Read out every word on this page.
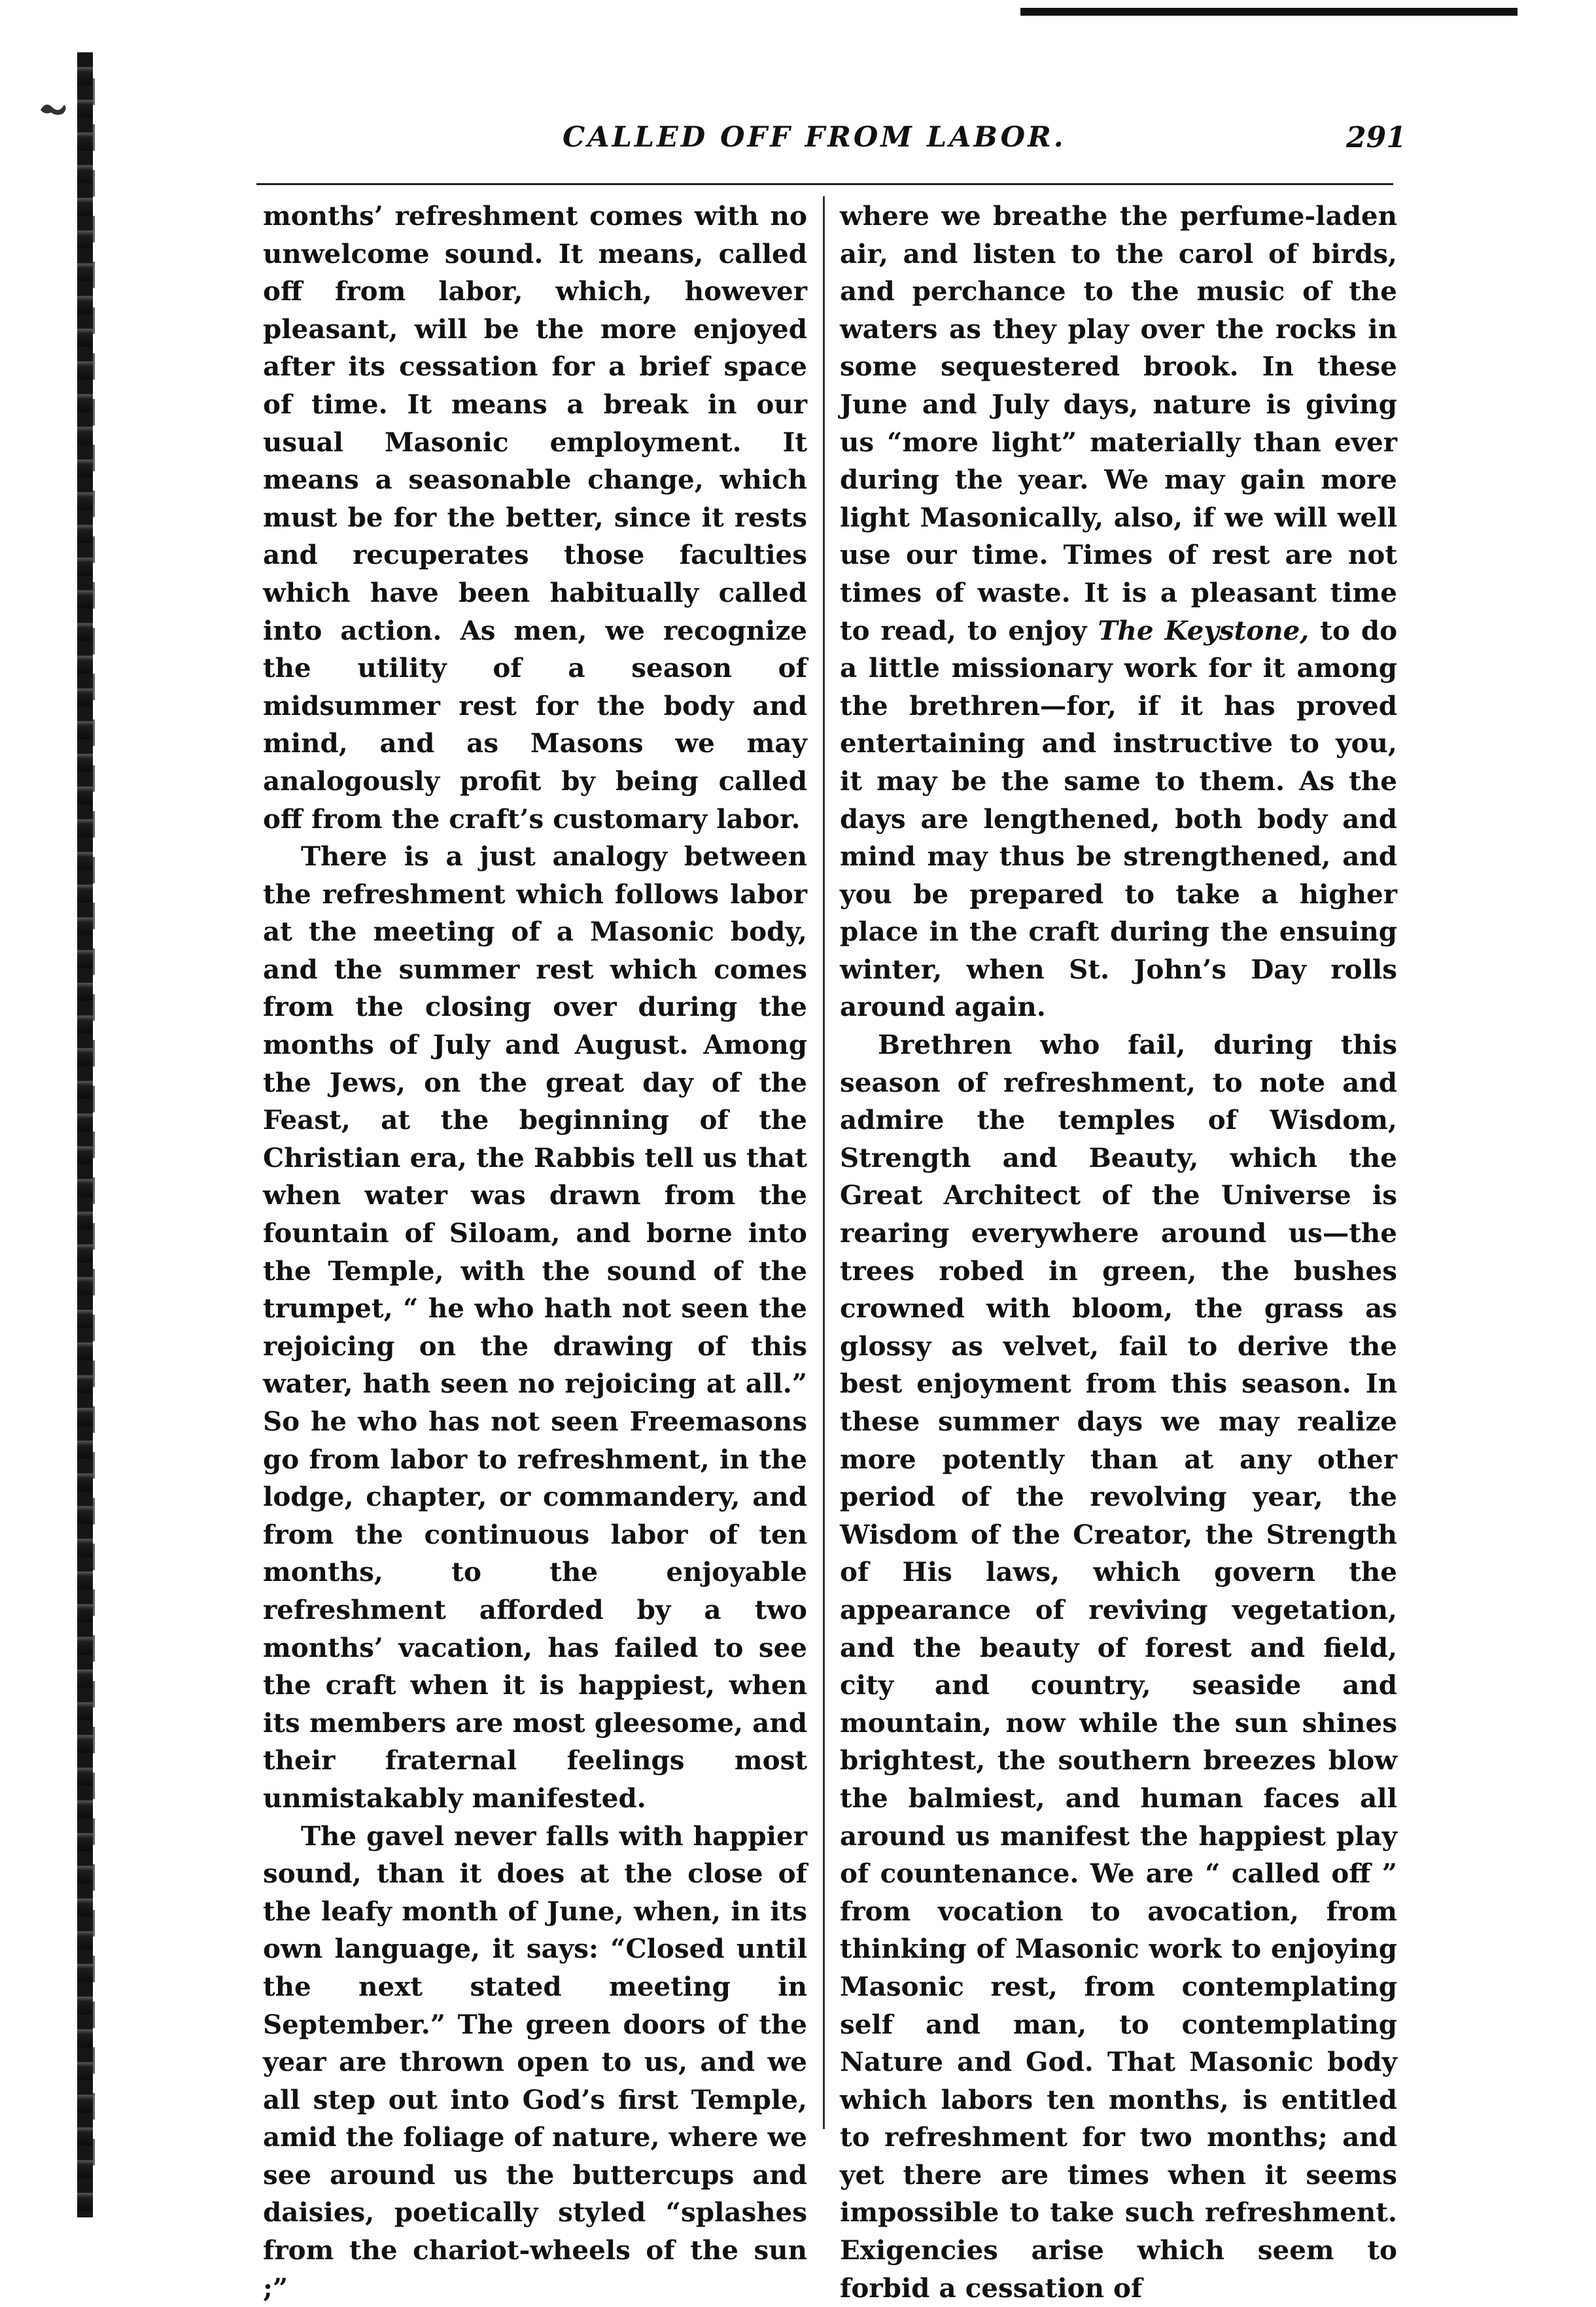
CALLED OFF FROM LABOR.	291

months’ refreshment comes with no unwelcome sound. It means, called off from labor, which, however pleasant, will be the more enjoyed after its cessation for a brief space of time. It means a break in our usual Masonic employment. It means a seasonable change, which must be for the better, since it rests and recuperates those faculties which have been habitually called into action. As men, we recognize the utility of a season of midsummer rest for the body and mind, and as Masons we may analogously profit by being called off from the craft’s customary labor.

There is a just analogy between the refreshment which follows labor at the meeting of a Masonic body, and the summer rest which comes from the closing over during the months of July and August. Among the Jews, on the great day of the Feast, at the beginning of the Christian era, the Rabbis tell us that when water was drawn from the fountain of Siloam, and borne into the Temple, with the sound of the trumpet, “ he who hath not seen the rejoicing on the drawing of this water, hath seen no rejoicing at all.” So he who has not seen Freemasons go from labor to refreshment, in the lodge, chapter, or commandery, and from the continuous labor of ten months, to the enjoyable refreshment afforded by a two months’ vacation, has failed to see the craft when it is happiest, when its members are most gleesome, and their fraternal feelings most unmistakably manifested.

The gavel never falls with happier sound, than it does at the close of the leafy month of June, when, in its own language, it says: “Closed until the next stated meeting in September.” The green doors of the year are thrown open to us, and we all step out into God’s first Temple, amid the foliage of nature, where we see around us the buttercups and daisies, poetically styled “splashes from the chariot-wheels of the sun ;”

where we breathe the perfume-laden air, and listen to the carol of birds, and perchance to the music of the waters as they play over the rocks in some sequestered brook. In these June and July days, nature is giving us “more light” materially than ever during the year. We may gain more light Masonically, also, if we will well use our time. Times of rest are not times of waste. It is a pleasant time to read, to enjoy The Keystone, to do a little missionary work for it among the brethren—for, if it has proved entertaining and instructive to you, it may be the same to them. As the days are lengthened, both body and mind may thus be strengthened, and you be prepared to take a higher place in the craft during the ensuing winter, when St. John’s Day rolls around again.

Brethren who fail, during this season of refreshment, to note and admire the temples of Wisdom, Strength and Beauty, which the Great Architect of the Universe is rearing everywhere around us—the trees robed in green, the bushes crowned with bloom, the grass as glossy as velvet, fail to derive the best enjoyment from this season. In these summer days we may realize more potently than at any other period of the revolving year, the Wisdom of the Creator, the Strength of His laws, which govern the appearance of reviving vegetation, and the beauty of forest and field, city and country, seaside and mountain, now while the sun shines brightest, the southern breezes blow the balmiest, and human faces all around us manifest the happiest play of countenance. We are “ called off ” from vocation to avocation, from thinking of Masonic work to enjoying Masonic rest, from contemplating self and man, to contemplating Nature and God. That Masonic body which labors ten months, is entitled to refreshment for two months; and yet there are times when it seems impossible to take such refreshment. Exigencies arise which seem to forbid a cessation of
